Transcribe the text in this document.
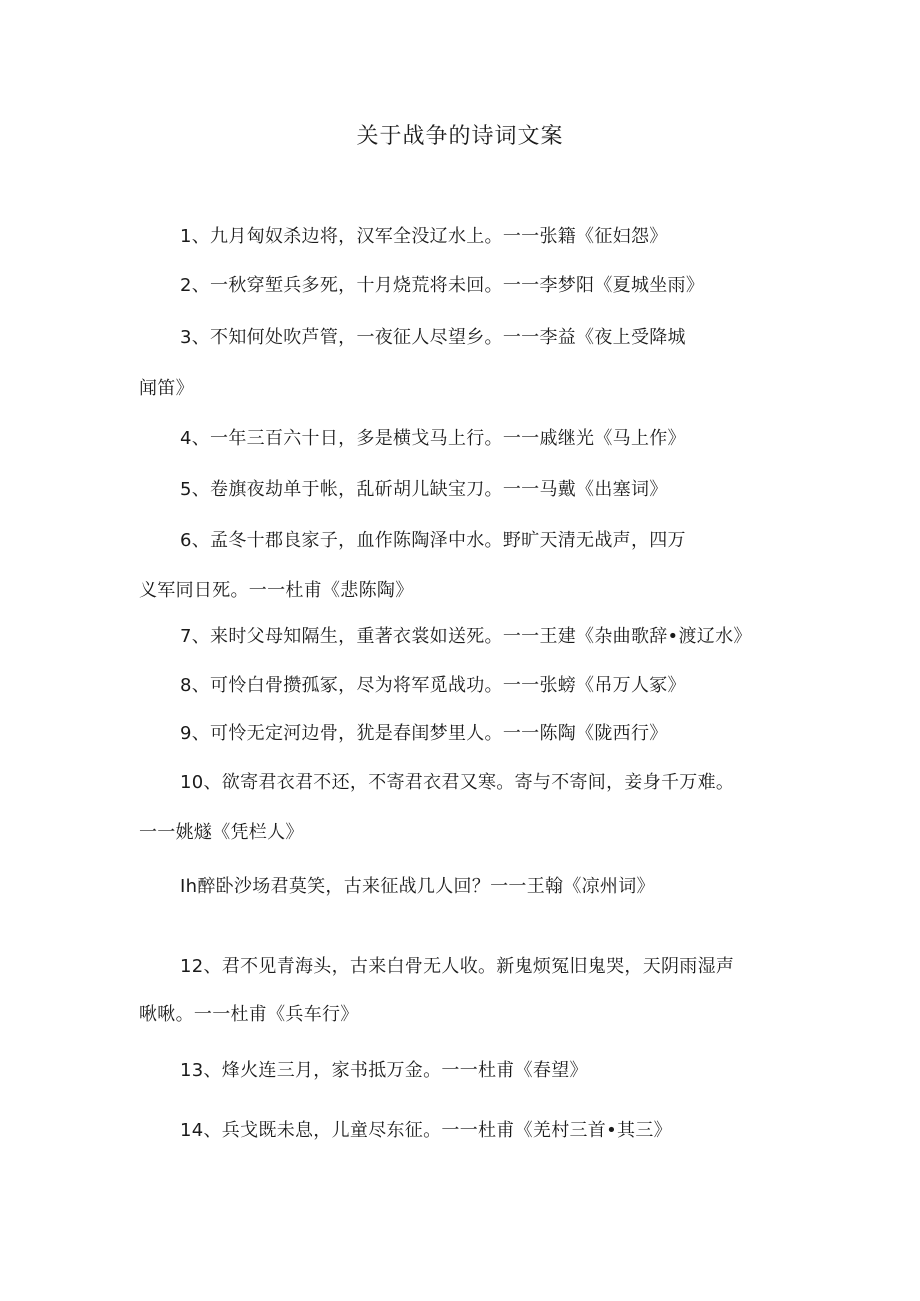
关于战争的诗词文案
1、九月匈奴杀边将，汉军全没辽水上。一一张籍《征妇怨》
2、一秋穿堑兵多死，十月烧荒将未回。一一李梦阳《夏城坐雨》
3、不知何处吹芦管，一夜征人尽望乡。一一李益《夜上受降城
闻笛》
4、一年三百六十日，多是横戈马上行。一一戚继光《马上作》
5、卷旗夜劫单于帐，乱斫胡儿缺宝刀。一一马戴《出塞词》
6、孟冬十郡良家子，血作陈陶泽中水。野旷天清无战声，四万
义军同日死。一一杜甫《悲陈陶》
7、来时父母知隔生，重著衣裳如送死。一一王建《杂曲歌辞•渡辽水》
8、可怜白骨攒孤冢，尽为将军觅战功。一一张螃《吊万人冢》
9、可怜无定河边骨，犹是春闺梦里人。一一陈陶《陇西行》
10、欲寄君衣君不还，不寄君衣君又寒。寄与不寄间，妾身千万难。
一一姚燧《凭栏人》
Ih醉卧沙场君莫笑，古来征战几人回？一一王翰《凉州词》
12、君不见青海头，古来白骨无人收。新鬼烦冤旧鬼哭，天阴雨湿声
啾啾。一一杜甫《兵车行》
13、烽火连三月，家书抵万金。一一杜甫《春望》
14、兵戈既未息，儿童尽东征。一一杜甫《羌村三首•其三》
